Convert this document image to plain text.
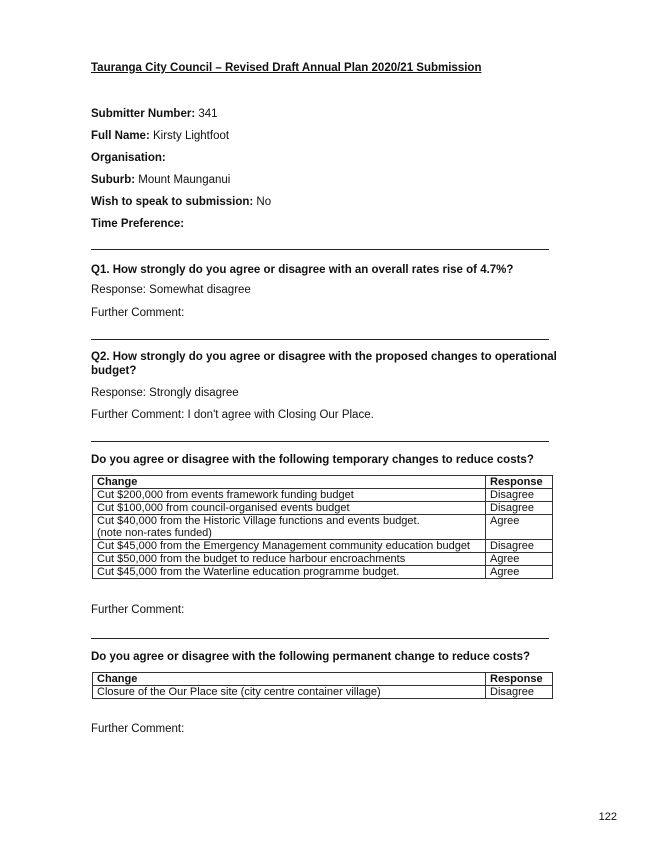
Tauranga City Council – Revised Draft Annual Plan 2020/21 Submission
Submitter Number: 341
Full Name: Kirsty Lightfoot
Organisation:
Suburb: Mount Maunganui
Wish to speak to submission: No
Time Preference:
Q1. How strongly do you agree or disagree with an overall rates rise of 4.7%?
Response: Somewhat disagree
Further Comment:
Q2. How strongly do you agree or disagree with the proposed changes to operational budget?
Response: Strongly disagree
Further Comment: I don't agree with Closing Our Place.
Do you agree or disagree with the following temporary changes to reduce costs?
Change	Response
Cut $200,000 from events framework funding budget	Disagree
Cut $100,000 from council-organised events budget	Disagree

Cut $40,000 from the Historic Village functions and events budget.
(note non-rates funded)	Agree
Cut $45,000 from the Emergency Management community education budget	Disagree
Cut $50,000 from the budget to reduce harbour encroachments	Agree
Cut $45,000 from the Waterline education programme budget.	Agree
Further Comment:
Do you agree or disagree with the following permanent change to reduce costs?
Change	Response
Closure of the Our Place site (city centre container village)	Disagree
Further Comment:
122
